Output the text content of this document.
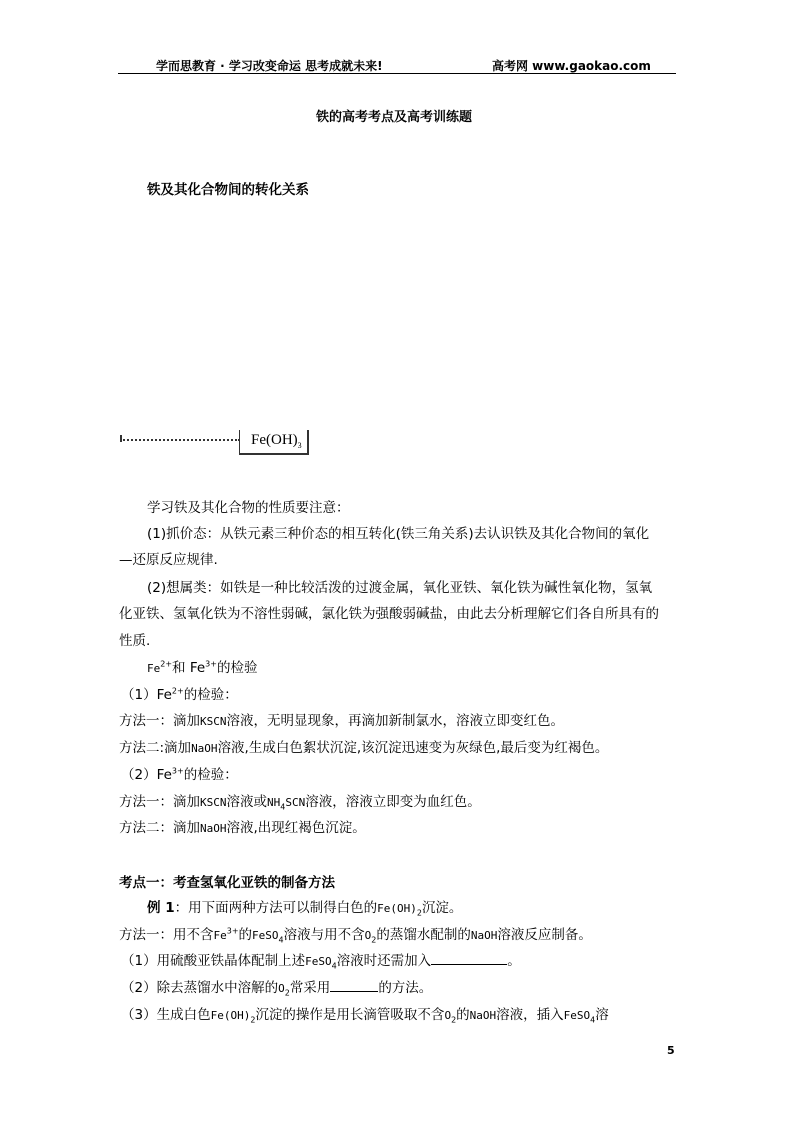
学而思教育 · 学习改变命运 思考成就未来!	高考网 www.gaokao.com
铁的高考考点及高考训练题
铁及其化合物间的转化关系
$Fe(OH)_3$
学习铁及其化合物的性质要注意：
(1)抓价态：从铁元素三种价态的相互转化(铁三角关系)去认识铁及其化合物间的氧化
—还原反应规律.
(2)想属类：如铁是一种比较活泼的过渡金属，氧化亚铁、氧化铁为碱性氧化物，氢氧
化亚铁、氢氧化铁为不溶性弱碱，氯化铁为强酸弱碱盐，由此去分析理解它们各自所具有的
性质.
$Fe^{2+}$和 $Fe^{3+}$的检验
$(1)Fe^{2+}$的检验：
方法一：滴加KSCN溶液，无明显现象，再滴加新制氯水，溶液立即变红色。
方法二:滴加NaOH溶液,生成白色絮状沉淀,该沉淀迅速变为灰绿色,最后变为红褐色。
$(2)Fe^{3+}$的检验：
方法一：滴加KSCN溶液或$NH_4SCN$溶液，溶液立即变为血红色。
方法二：滴加NaOH溶液,出现红褐色沉淀。
考点一：考查氢氧化亚铁的制备方法
例 1：用下面两种方法可以制得白色的$Fe(OH)_2$沉淀。
方法一：用不含$Fe^{3+}$的FeSO$_4$溶液与用不含$O_2$的蒸馏水配制的NaOH溶液反应制备。
（1）用硫酸亚铁晶体配制上述FeSO$_4$溶液时还需加入	。
（2）除去蒸馏水中溶解的$O_2$常采用	的方法。
（3）生成白色$Fe(OH)_2$沉淀的操作是用长滴管吸取不含$O_2$的NaOH溶液，插入FeSO$_4$溶
5
